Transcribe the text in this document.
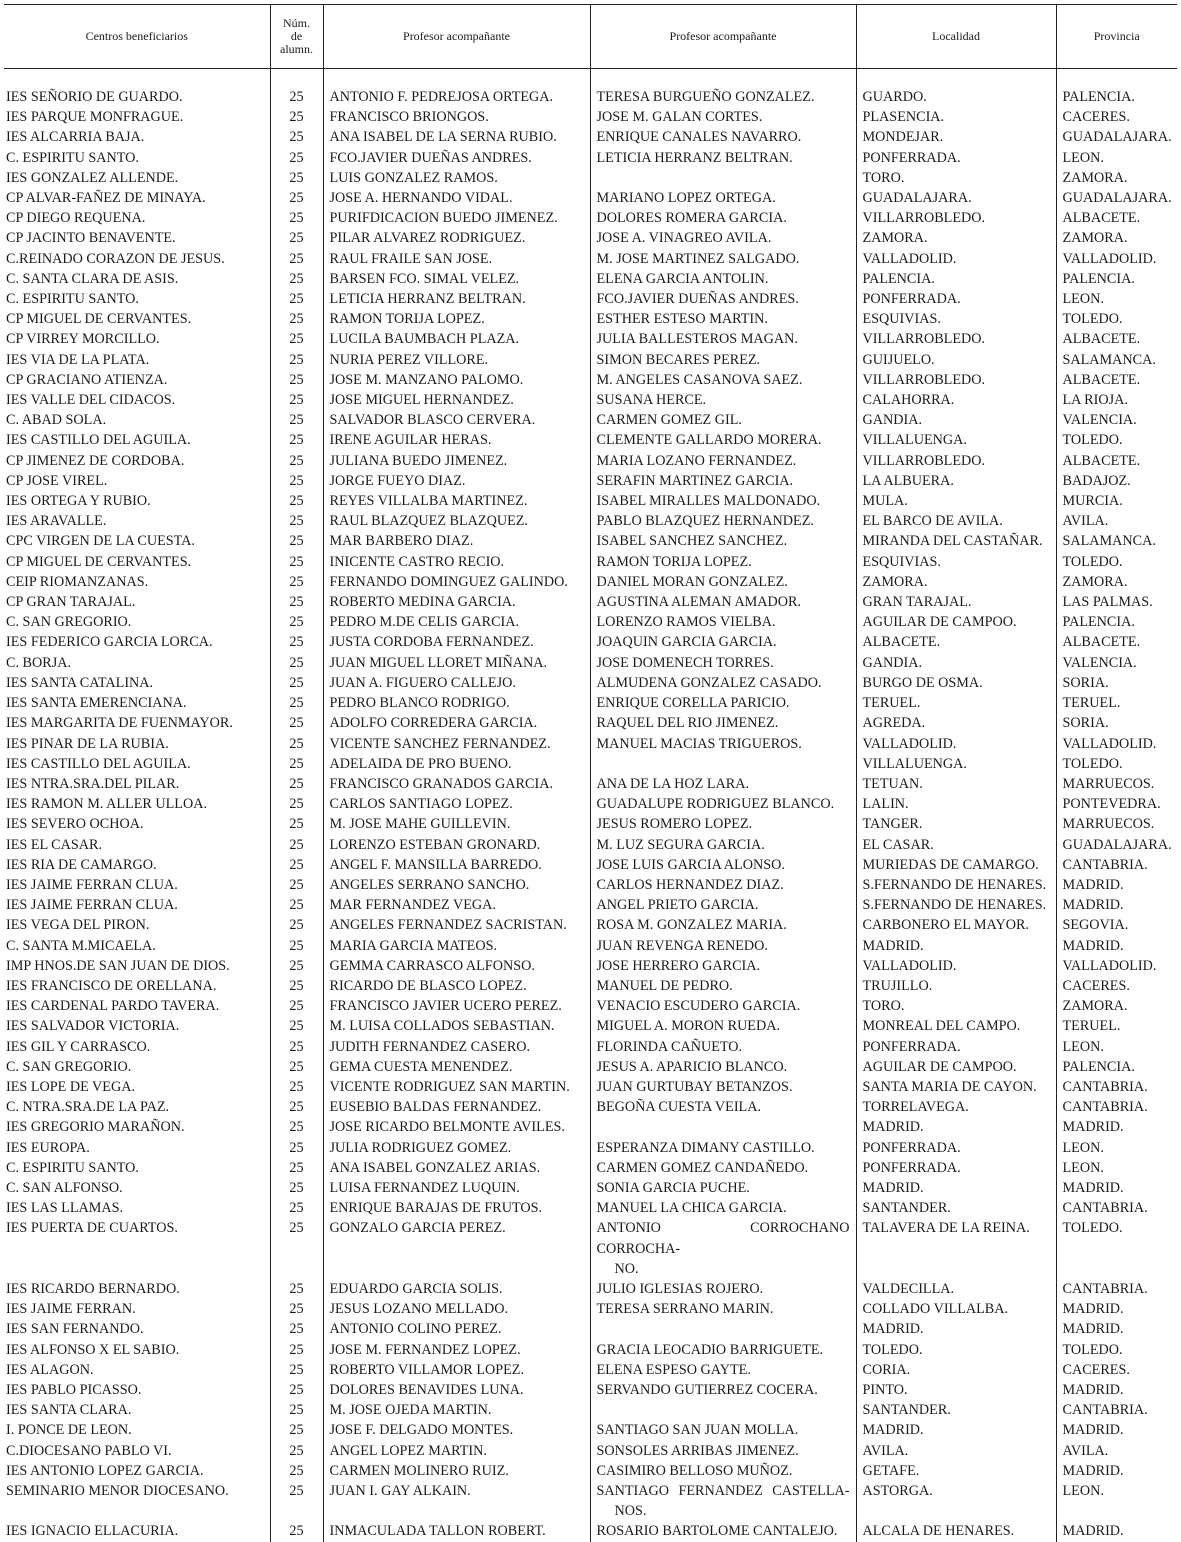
Centros beneficiarios	Núm.
de
alumn.	Profesor acompañante	Profesor acompañante	Localidad	Provincia

IES SEÑORIO DE GUARDO.	25	ANTONIO F. PEDREJOSA ORTEGA.	TERESA BURGUEÑO GONZALEZ.	GUARDO.	PALENCIA.
IES PARQUE MONFRAGUE.	25	FRANCISCO BRIONGOS.	JOSE M. GALAN CORTES.	PLASENCIA.	CACERES.
IES ALCARRIA BAJA.	25	ANA ISABEL DE LA SERNA RUBIO.	ENRIQUE CANALES NAVARRO.	MONDEJAR.	GUADALAJARA.
C. ESPIRITU SANTO.	25	FCO.JAVIER DUEÑAS ANDRES.	LETICIA HERRANZ BELTRAN.	PONFERRADA.	LEON.
IES GONZALEZ ALLENDE.	25	LUIS GONZALEZ RAMOS.		TORO.	ZAMORA.
CP ALVAR-FAÑEZ DE MINAYA.	25	JOSE A. HERNANDO VIDAL.	MARIANO LOPEZ ORTEGA.	GUADALAJARA.	GUADALAJARA.
CP DIEGO REQUENA.	25	PURIFDICACION BUEDO JIMENEZ.	DOLORES ROMERA GARCIA.	VILLARROBLEDO.	ALBACETE.
CP JACINTO BENAVENTE.	25	PILAR ALVAREZ RODRIGUEZ.	JOSE A. VINAGREO AVILA.	ZAMORA.	ZAMORA.
C.REINADO CORAZON DE JESUS.	25	RAUL FRAILE SAN JOSE.	M. JOSE MARTINEZ SALGADO.	VALLADOLID.	VALLADOLID.
C. SANTA CLARA DE ASIS.	25	BARSEN FCO. SIMAL VELEZ.	ELENA GARCIA ANTOLIN.	PALENCIA.	PALENCIA.
C. ESPIRITU SANTO.	25	LETICIA HERRANZ BELTRAN.	FCO.JAVIER DUEÑAS ANDRES.	PONFERRADA.	LEON.
CP MIGUEL DE CERVANTES.	25	RAMON TORIJA LOPEZ.	ESTHER ESTESO MARTIN.	ESQUIVIAS.	TOLEDO.
CP VIRREY MORCILLO.	25	LUCILA BAUMBACH PLAZA.	JULIA BALLESTEROS MAGAN.	VILLARROBLEDO.	ALBACETE.
IES VIA DE LA PLATA.	25	NURIA PEREZ VILLORE.	SIMON BECARES PEREZ.	GUIJUELO.	SALAMANCA.
CP GRACIANO ATIENZA.	25	JOSE M. MANZANO PALOMO.	M. ANGELES CASANOVA SAEZ.	VILLARROBLEDO.	ALBACETE.
IES VALLE DEL CIDACOS.	25	JOSE MIGUEL HERNANDEZ.	SUSANA HERCE.	CALAHORRA.	LA RIOJA.
C. ABAD SOLA.	25	SALVADOR BLASCO CERVERA.	CARMEN GOMEZ GIL.	GANDIA.	VALENCIA.
IES CASTILLO DEL AGUILA.	25	IRENE AGUILAR HERAS.	CLEMENTE GALLARDO MORERA.	VILLALUENGA.	TOLEDO.
CP JIMENEZ DE CORDOBA.	25	JULIANA BUEDO JIMENEZ.	MARIA LOZANO FERNANDEZ.	VILLARROBLEDO.	ALBACETE.
CP JOSE VIREL.	25	JORGE FUEYO DIAZ.	SERAFIN MARTINEZ GARCIA.	LA ALBUERA.	BADAJOZ.
IES ORTEGA Y RUBIO.	25	REYES VILLALBA MARTINEZ.	ISABEL MIRALLES MALDONADO.	MULA.	MURCIA.
IES ARAVALLE.	25	RAUL BLAZQUEZ BLAZQUEZ.	PABLO BLAZQUEZ HERNANDEZ.	EL BARCO DE AVILA.	AVILA.
CPC VIRGEN DE LA CUESTA.	25	MAR BARBERO DIAZ.	ISABEL SANCHEZ SANCHEZ.	MIRANDA DEL CASTAÑAR.	SALAMANCA.
CP MIGUEL DE CERVANTES.	25	INICENTE CASTRO RECIO.	RAMON TORIJA LOPEZ.	ESQUIVIAS.	TOLEDO.
CEIP RIOMANZANAS.	25	FERNANDO DOMINGUEZ GALINDO.	DANIEL MORAN GONZALEZ.	ZAMORA.	ZAMORA.
CP GRAN TARAJAL.	25	ROBERTO MEDINA GARCIA.	AGUSTINA ALEMAN AMADOR.	GRAN TARAJAL.	LAS PALMAS.
C. SAN GREGORIO.	25	PEDRO M.DE CELIS GARCIA.	LORENZO RAMOS VIELBA.	AGUILAR DE CAMPOO.	PALENCIA.
IES FEDERICO GARCIA LORCA.	25	JUSTA CORDOBA FERNANDEZ.	JOAQUIN GARCIA GARCIA.	ALBACETE.	ALBACETE.
C. BORJA.	25	JUAN MIGUEL LLORET MIÑANA.	JOSE DOMENECH TORRES.	GANDIA.	VALENCIA.
IES SANTA CATALINA.	25	JUAN A. FIGUERO CALLEJO.	ALMUDENA GONZALEZ CASADO.	BURGO DE OSMA.	SORIA.
IES SANTA EMERENCIANA.	25	PEDRO BLANCO RODRIGO.	ENRIQUE CORELLA PARICIO.	TERUEL.	TERUEL.
IES MARGARITA DE FUENMAYOR.	25	ADOLFO CORREDERA GARCIA.	RAQUEL DEL RIO JIMENEZ.	AGREDA.	SORIA.
IES PINAR DE LA RUBIA.	25	VICENTE SANCHEZ FERNANDEZ.	MANUEL MACIAS TRIGUEROS.	VALLADOLID.	VALLADOLID.
IES CASTILLO DEL AGUILA.	25	ADELAIDA DE PRO BUENO.		VILLALUENGA.	TOLEDO.
IES NTRA.SRA.DEL PILAR.	25	FRANCISCO GRANADOS GARCIA.	ANA DE LA HOZ LARA.	TETUAN.	MARRUECOS.
IES RAMON M. ALLER ULLOA.	25	CARLOS SANTIAGO LOPEZ.	GUADALUPE RODRIGUEZ BLANCO.	LALIN.	PONTEVEDRA.
IES SEVERO OCHOA.	25	M. JOSE MAHE GUILLEVIN.	JESUS ROMERO LOPEZ.	TANGER.	MARRUECOS.
IES EL CASAR.	25	LORENZO ESTEBAN GRONARD.	M. LUZ SEGURA GARCIA.	EL CASAR.	GUADALAJARA.
IES RIA DE CAMARGO.	25	ANGEL F. MANSILLA BARREDO.	JOSE LUIS GARCIA ALONSO.	MURIEDAS DE CAMARGO.	CANTABRIA.
IES JAIME FERRAN CLUA.	25	ANGELES SERRANO SANCHO.	CARLOS HERNANDEZ DIAZ.	S.FERNANDO DE HENARES.	MADRID.
IES JAIME FERRAN CLUA.	25	MAR FERNANDEZ VEGA.	ANGEL PRIETO GARCIA.	S.FERNANDO DE HENARES.	MADRID.
IES VEGA DEL PIRON.	25	ANGELES FERNANDEZ SACRISTAN.	ROSA M. GONZALEZ MARIA.	CARBONERO EL MAYOR.	SEGOVIA.
C. SANTA M.MICAELA.	25	MARIA GARCIA MATEOS.	JUAN REVENGA RENEDO.	MADRID.	MADRID.
IMP HNOS.DE SAN JUAN DE DIOS.	25	GEMMA CARRASCO ALFONSO.	JOSE HERRERO GARCIA.	VALLADOLID.	VALLADOLID.
IES FRANCISCO DE ORELLANA.	25	RICARDO DE BLASCO LOPEZ.	MANUEL DE PEDRO.	TRUJILLO.	CACERES.
IES CARDENAL PARDO TAVERA.	25	FRANCISCO JAVIER UCERO PEREZ.	VENACIO ESCUDERO GARCIA.	TORO.	ZAMORA.
IES SALVADOR VICTORIA.	25	M. LUISA COLLADOS SEBASTIAN.	MIGUEL A. MORON RUEDA.	MONREAL DEL CAMPO.	TERUEL.
IES GIL Y CARRASCO.	25	JUDITH FERNANDEZ CASERO.	FLORINDA CAÑUETO.	PONFERRADA.	LEON.
C. SAN GREGORIO.	25	GEMA CUESTA MENENDEZ.	JESUS A. APARICIO BLANCO.	AGUILAR DE CAMPOO.	PALENCIA.
IES LOPE DE VEGA.	25	VICENTE RODRIGUEZ SAN MARTIN.	JUAN GURTUBAY BETANZOS.	SANTA MARIA DE CAYON.	CANTABRIA.
C. NTRA.SRA.DE LA PAZ.	25	EUSEBIO BALDAS FERNANDEZ.	BEGOÑA CUESTA VEILA.	TORRELAVEGA.	CANTABRIA.
IES GREGORIO MARAÑON.	25	JOSE RICARDO BELMONTE AVILES.		MADRID.	MADRID.
IES EUROPA.	25	JULIA RODRIGUEZ GOMEZ.	ESPERANZA DIMANY CASTILLO.	PONFERRADA.	LEON.
C. ESPIRITU SANTO.	25	ANA ISABEL GONZALEZ ARIAS.	CARMEN GOMEZ CANDAÑEDO.	PONFERRADA.	LEON.
C. SAN ALFONSO.	25	LUISA FERNANDEZ LUQUIN.	SONIA GARCIA PUCHE.	MADRID.	MADRID.
IES LAS LLAMAS.	25	ENRIQUE BARAJAS DE FRUTOS.	MANUEL LA CHICA GARCIA.	SANTANDER.	CANTABRIA.
IES PUERTA DE CUARTOS.	25	GONZALO GARCIA PEREZ.	ANTONIO CORROCHANO CORROCHA-
NO.	TALAVERA DE LA REINA.	TOLEDO.
IES RICARDO BERNARDO.	25	EDUARDO GARCIA SOLIS.	JULIO IGLESIAS ROJERO.	VALDECILLA.	CANTABRIA.
IES JAIME FERRAN.	25	JESUS LOZANO MELLADO.	TERESA SERRANO MARIN.	COLLADO VILLALBA.	MADRID.
IES SAN FERNANDO.	25	ANTONIO COLINO PEREZ.		MADRID.	MADRID.
IES ALFONSO X EL SABIO.	25	JOSE M. FERNANDEZ LOPEZ.	GRACIA LEOCADIO BARRIGUETE.	TOLEDO.	TOLEDO.
IES ALAGON.	25	ROBERTO VILLAMOR LOPEZ.	ELENA ESPESO GAYTE.	CORIA.	CACERES.
IES PABLO PICASSO.	25	DOLORES BENAVIDES LUNA.	SERVANDO GUTIERREZ COCERA.	PINTO.	MADRID.
IES SANTA CLARA.	25	M. JOSE OJEDA MARTIN.		SANTANDER.	CANTABRIA.
I. PONCE DE LEON.	25	JOSE F. DELGADO MONTES.	SANTIAGO SAN JUAN MOLLA.	MADRID.	MADRID.
C.DIOCESANO PABLO VI.	25	ANGEL LOPEZ MARTIN.	SONSOLES ARRIBAS JIMENEZ.	AVILA.	AVILA.
IES ANTONIO LOPEZ GARCIA.	25	CARMEN MOLINERO RUIZ.	CASIMIRO BELLOSO MUÑOZ.	GETAFE.	MADRID.
SEMINARIO MENOR DIOCESANO.	25	JUAN I. GAY ALKAIN.	SANTIAGO FERNANDEZ CASTELLA-
NOS.	ASTORGA.	LEON.
IES IGNACIO ELLACURIA.	25	INMACULADA TALLON ROBERT.	ROSARIO BARTOLOME CANTALEJO.	ALCALA DE HENARES.	MADRID.
